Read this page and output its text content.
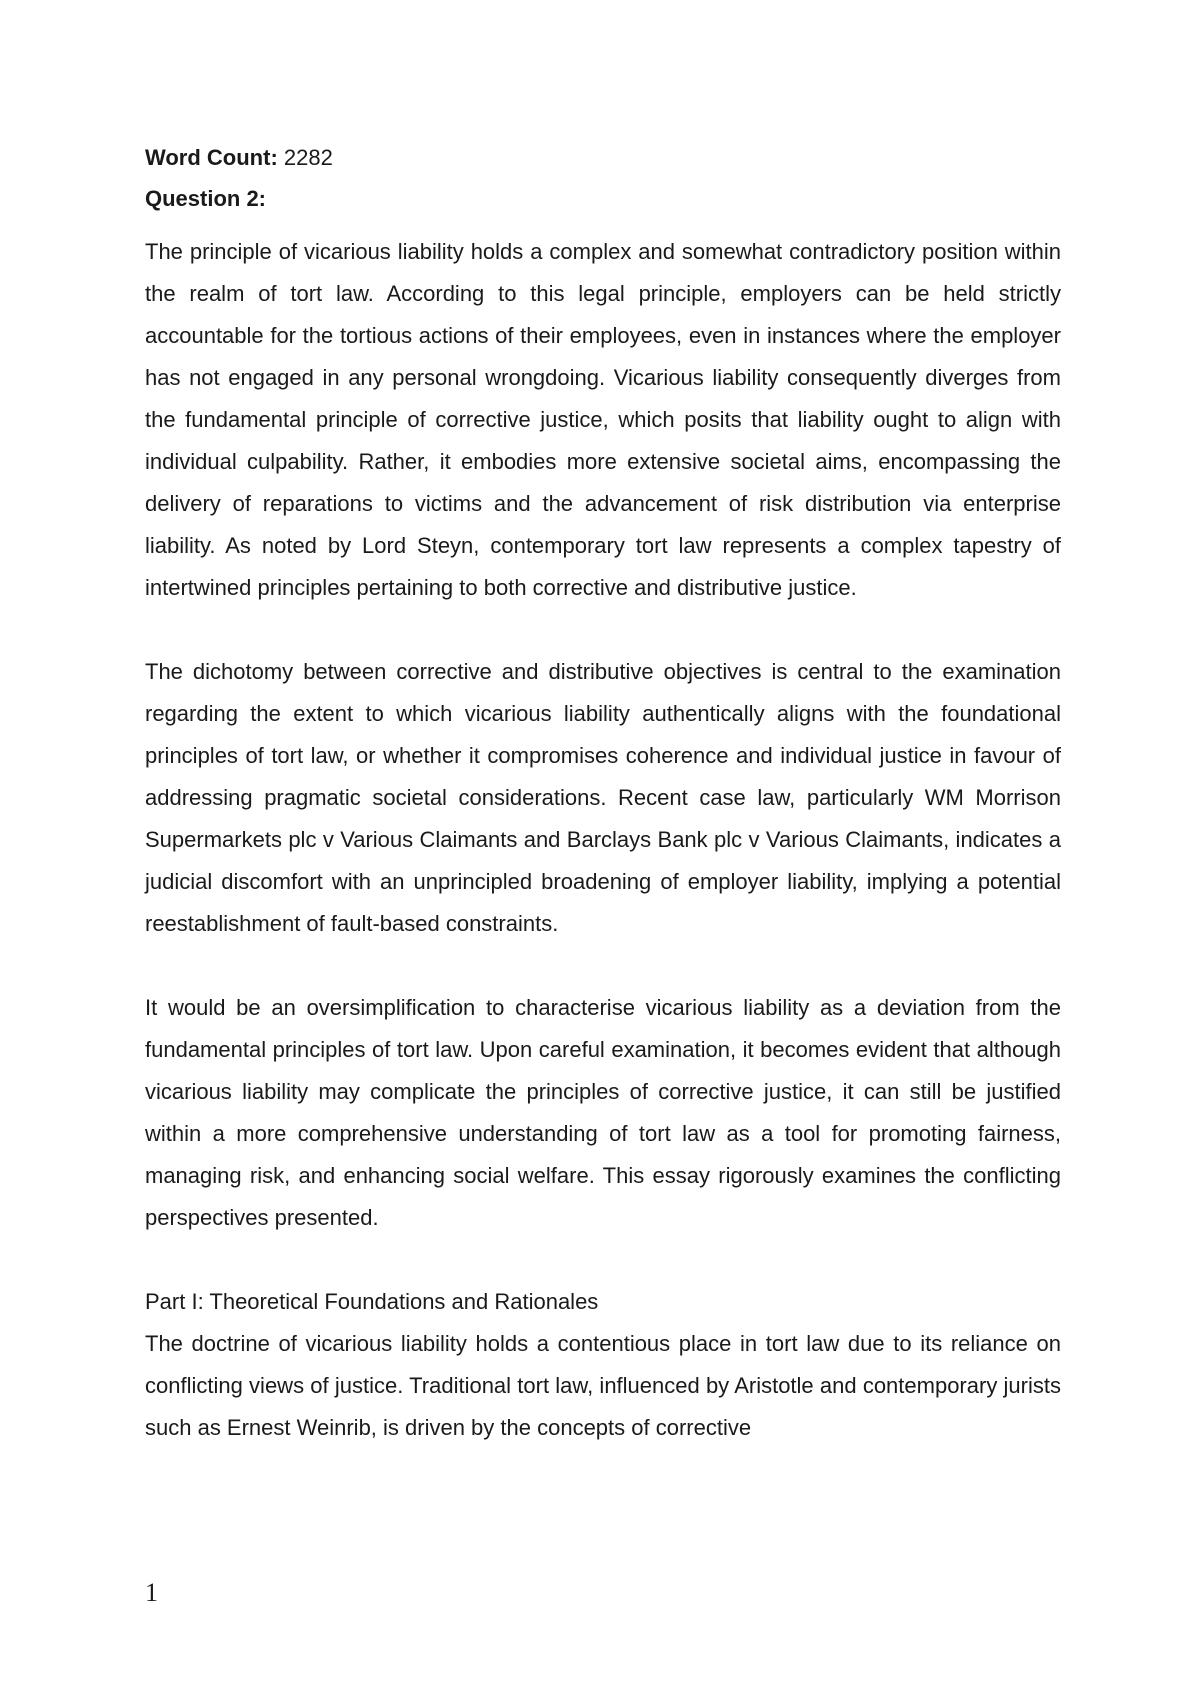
Word Count: 2282

Question 2:

The principle of vicarious liability holds a complex and somewhat contradictory position within the realm of tort law. According to this legal principle, employers can be held strictly accountable for the tortious actions of their employees, even in instances where the employer has not engaged in any personal wrongdoing. Vicarious liability consequently diverges from the fundamental principle of corrective justice, which posits that liability ought to align with individual culpability. Rather, it embodies more extensive societal aims, encompassing the delivery of reparations to victims and the advancement of risk distribution via enterprise liability. As noted by Lord Steyn, contemporary tort law represents a complex tapestry of intertwined principles pertaining to both corrective and distributive justice.

The dichotomy between corrective and distributive objectives is central to the examination regarding the extent to which vicarious liability authentically aligns with the foundational principles of tort law, or whether it compromises coherence and individual justice in favour of addressing pragmatic societal considerations. Recent case law, particularly WM Morrison Supermarkets plc v Various Claimants and Barclays Bank plc v Various Claimants, indicates a judicial discomfort with an unprincipled broadening of employer liability, implying a potential reestablishment of fault-based constraints.

It would be an oversimplification to characterise vicarious liability as a deviation from the fundamental principles of tort law. Upon careful examination, it becomes evident that although vicarious liability may complicate the principles of corrective justice, it can still be justified within a more comprehensive understanding of tort law as a tool for promoting fairness, managing risk, and enhancing social welfare. This essay rigorously examines the conflicting perspectives presented.

Part I: Theoretical Foundations and Rationales

The doctrine of vicarious liability holds a contentious place in tort law due to its reliance on conflicting views of justice. Traditional tort law, influenced by Aristotle and contemporary jurists such as Ernest Weinrib, is driven by the concepts of corrective

1
